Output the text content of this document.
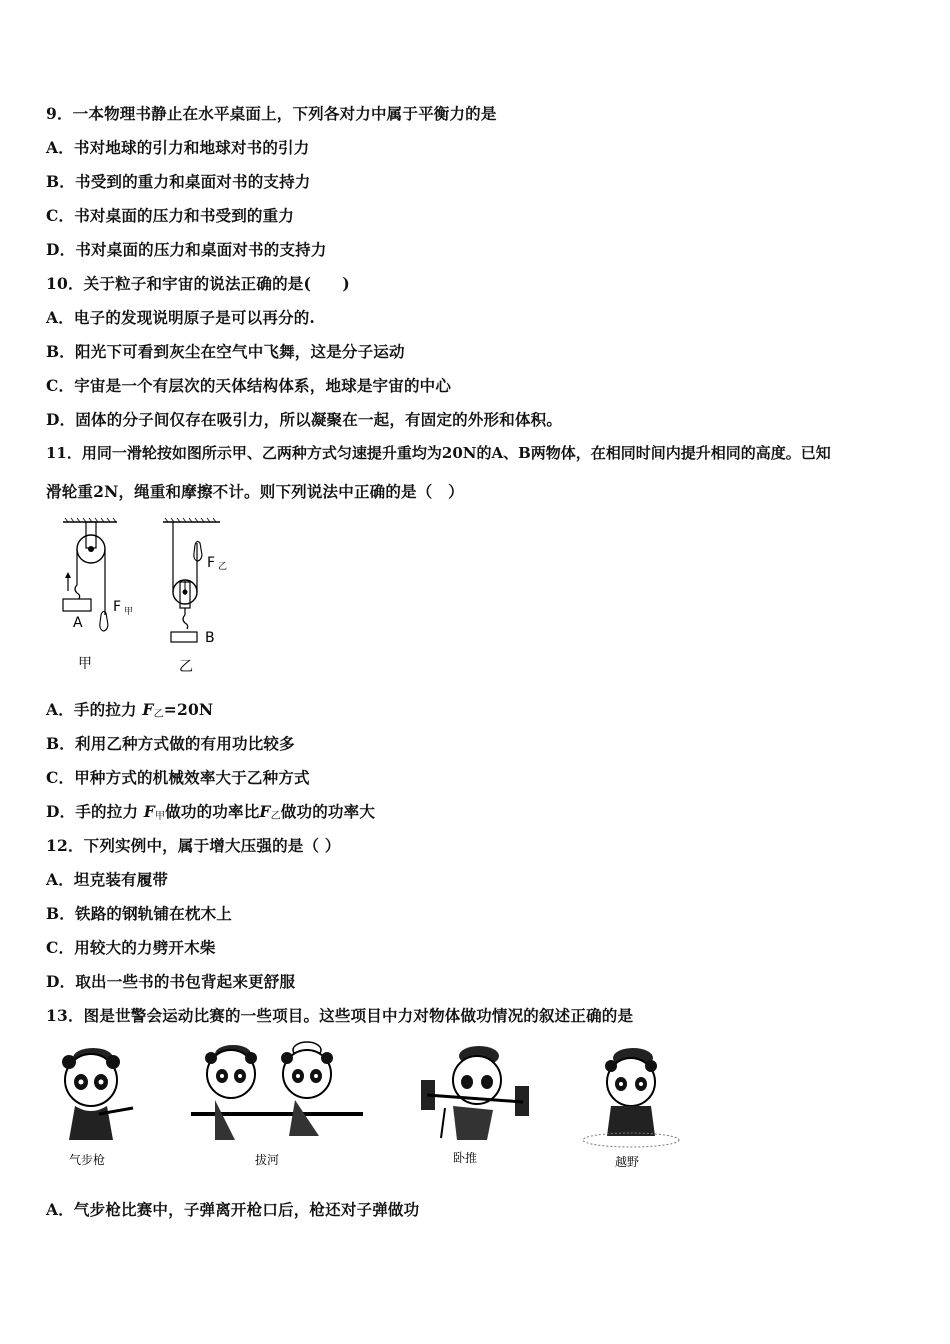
9．一本物理书静止在水平桌面上，下列各对力中属于平衡力的是
A．书对地球的引力和地球对书的引力
B．书受到的重力和桌面对书的支持力
C．书对桌面的压力和书受到的重力
D．书对桌面的压力和桌面对书的支持力
10．关于粒子和宇宙的说法正确的是(　　)
A．电子的发现说明原子是可以再分的.
B．阳光下可看到灰尘在空气中飞舞，这是分子运动
C．宇宙是一个有层次的天体结构体系，地球是宇宙的中心
D．固体的分子间仅存在吸引力，所以凝聚在一起，有固定的外形和体积。
11．用同一滑轮按如图所示甲、乙两种方式匀速提升重均为20N的A、B两物体，在相同时间内提升相同的高度。已知
滑轮重2N，绳重和摩擦不计。则下列说法中正确的是（　）
A
F 甲
甲
F 乙
B
乙
A．手的拉力 $F_乙=20N$
B．利用乙种方式做的有用功比较多
C．甲种方式的机械效率大于乙种方式
D．手的拉力 $F_甲$做功的功率比$F_乙$做功的功率大
12．下列实例中，属于增大压强的是（ ）
A．坦克装有履带
B．铁路的钢轨铺在枕木上
C．用较大的力劈开木柴
D．取出一些书的书包背起来更舒服
13．图是世警会运动比赛的一些项目。这些项目中力对物体做功情况的叙述正确的是
气步枪	拔河	卧推	越野
A．气步枪比赛中，子弹离开枪口后，枪还对子弹做功
